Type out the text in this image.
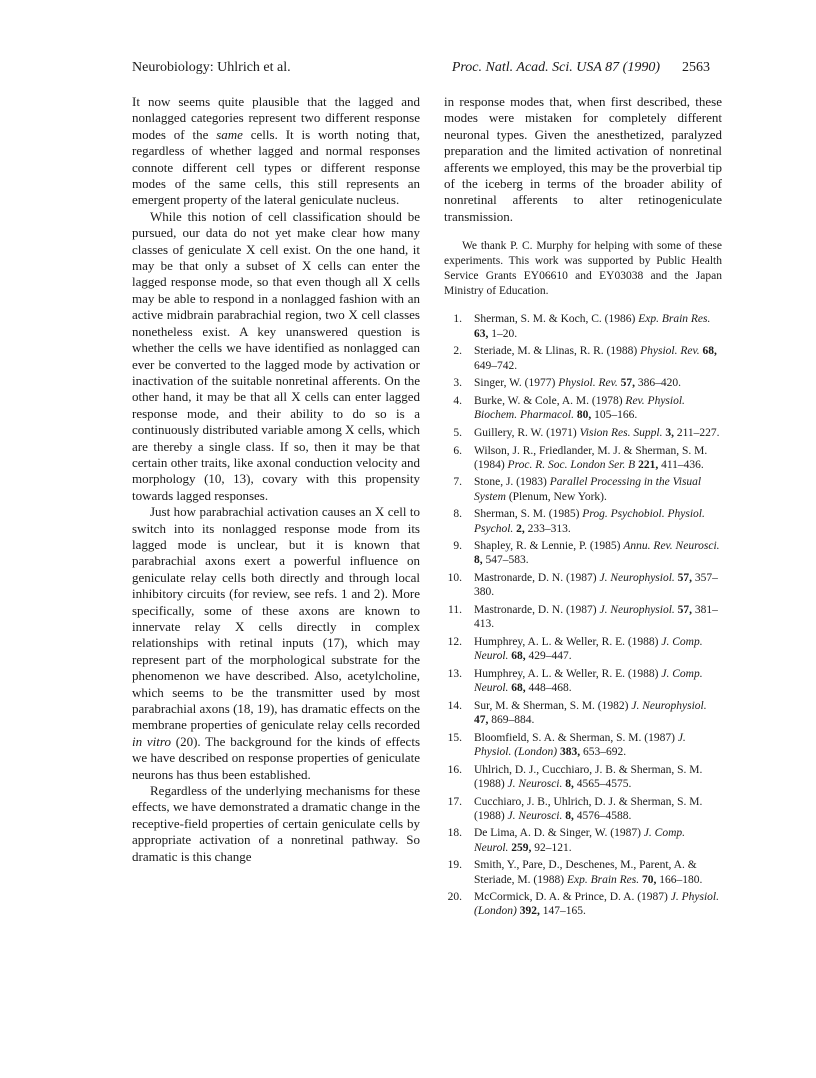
Neurobiology: Uhlrich et al.	Proc. Natl. Acad. Sci. USA 87 (1990) 2563

It now seems quite plausible that the lagged and nonlagged categories represent two different response modes of the same cells. It is worth noting that, regardless of whether lagged and normal responses connote different cell types or different response modes of the same cells, this still represents an emergent property of the lateral geniculate nucleus.

While this notion of cell classification should be pursued, our data do not yet make clear how many classes of geniculate X cell exist. On the one hand, it may be that only a subset of X cells can enter the lagged response mode, so that even though all X cells may be able to respond in a nonlagged fashion with an active midbrain parabrachial region, two X cell classes nonetheless exist. A key unanswered question is whether the cells we have identified as nonlagged can ever be converted to the lagged mode by activation or inactivation of the suitable nonretinal afferents. On the other hand, it may be that all X cells can enter lagged response mode, and their ability to do so is a continuously distributed variable among X cells, which are thereby a single class. If so, then it may be that certain other traits, like axonal conduction velocity and morphology (10, 13), covary with this propensity towards lagged responses.

Just how parabrachial activation causes an X cell to switch into its nonlagged response mode from its lagged mode is unclear, but it is known that parabrachial axons exert a powerful influence on geniculate relay cells both directly and through local inhibitory circuits (for review, see refs. 1 and 2). More specifically, some of these axons are known to innervate relay X cells directly in complex relationships with retinal inputs (17), which may represent part of the morphological substrate for the phenomenon we have described. Also, acetylcholine, which seems to be the transmitter used by most parabrachial axons (18, 19), has dramatic effects on the membrane properties of geniculate relay cells recorded in vitro (20). The background for the kinds of effects we have described on response properties of geniculate neurons has thus been established.

Regardless of the underlying mechanisms for these effects, we have demonstrated a dramatic change in the receptive-field properties of certain geniculate cells by appropriate activation of a nonretinal pathway. So dramatic is this change

in response modes that, when first described, these modes were mistaken for completely different neuronal types. Given the anesthetized, paralyzed preparation and the limited activation of nonretinal afferents we employed, this may be the proverbial tip of the iceberg in terms of the broader ability of nonretinal afferents to alter retinogeniculate transmission.

We thank P. C. Murphy for helping with some of these experiments. This work was supported by Public Health Service Grants EY06610 and EY03038 and the Japan Ministry of Education.

1. Sherman, S. M. & Koch, C. (1986) Exp. Brain Res. 63, 1–20.
2. Steriade, M. & Llinas, R. R. (1988) Physiol. Rev. 68, 649–742.
3. Singer, W. (1977) Physiol. Rev. 57, 386–420.
4. Burke, W. & Cole, A. M. (1978) Rev. Physiol. Biochem. Pharmacol. 80, 105–166.
5. Guillery, R. W. (1971) Vision Res. Suppl. 3, 211–227.
6. Wilson, J. R., Friedlander, M. J. & Sherman, S. M. (1984) Proc. R. Soc. London Ser. B 221, 411–436.
7. Stone, J. (1983) Parallel Processing in the Visual System (Plenum, New York).
8. Sherman, S. M. (1985) Prog. Psychobiol. Physiol. Psychol. 2, 233–313.
9. Shapley, R. & Lennie, P. (1985) Annu. Rev. Neurosci. 8, 547–583.
10. Mastronarde, D. N. (1987) J. Neurophysiol. 57, 357–380.
11. Mastronarde, D. N. (1987) J. Neurophysiol. 57, 381–413.
12. Humphrey, A. L. & Weller, R. E. (1988) J. Comp. Neurol. 68, 429–447.
13. Humphrey, A. L. & Weller, R. E. (1988) J. Comp. Neurol. 68, 448–468.
14. Sur, M. & Sherman, S. M. (1982) J. Neurophysiol. 47, 869–884.
15. Bloomfield, S. A. & Sherman, S. M. (1987) J. Physiol. (London) 383, 653–692.
16. Uhlrich, D. J., Cucchiaro, J. B. & Sherman, S. M. (1988) J. Neurosci. 8, 4565–4575.
17. Cucchiaro, J. B., Uhlrich, D. J. & Sherman, S. M. (1988) J. Neurosci. 8, 4576–4588.
18. De Lima, A. D. & Singer, W. (1987) J. Comp. Neurol. 259, 92–121.
19. Smith, Y., Pare, D., Deschenes, M., Parent, A. & Steriade, M. (1988) Exp. Brain Res. 70, 166–180.
20. McCormick, D. A. & Prince, D. A. (1987) J. Physiol. (London) 392, 147–165.
